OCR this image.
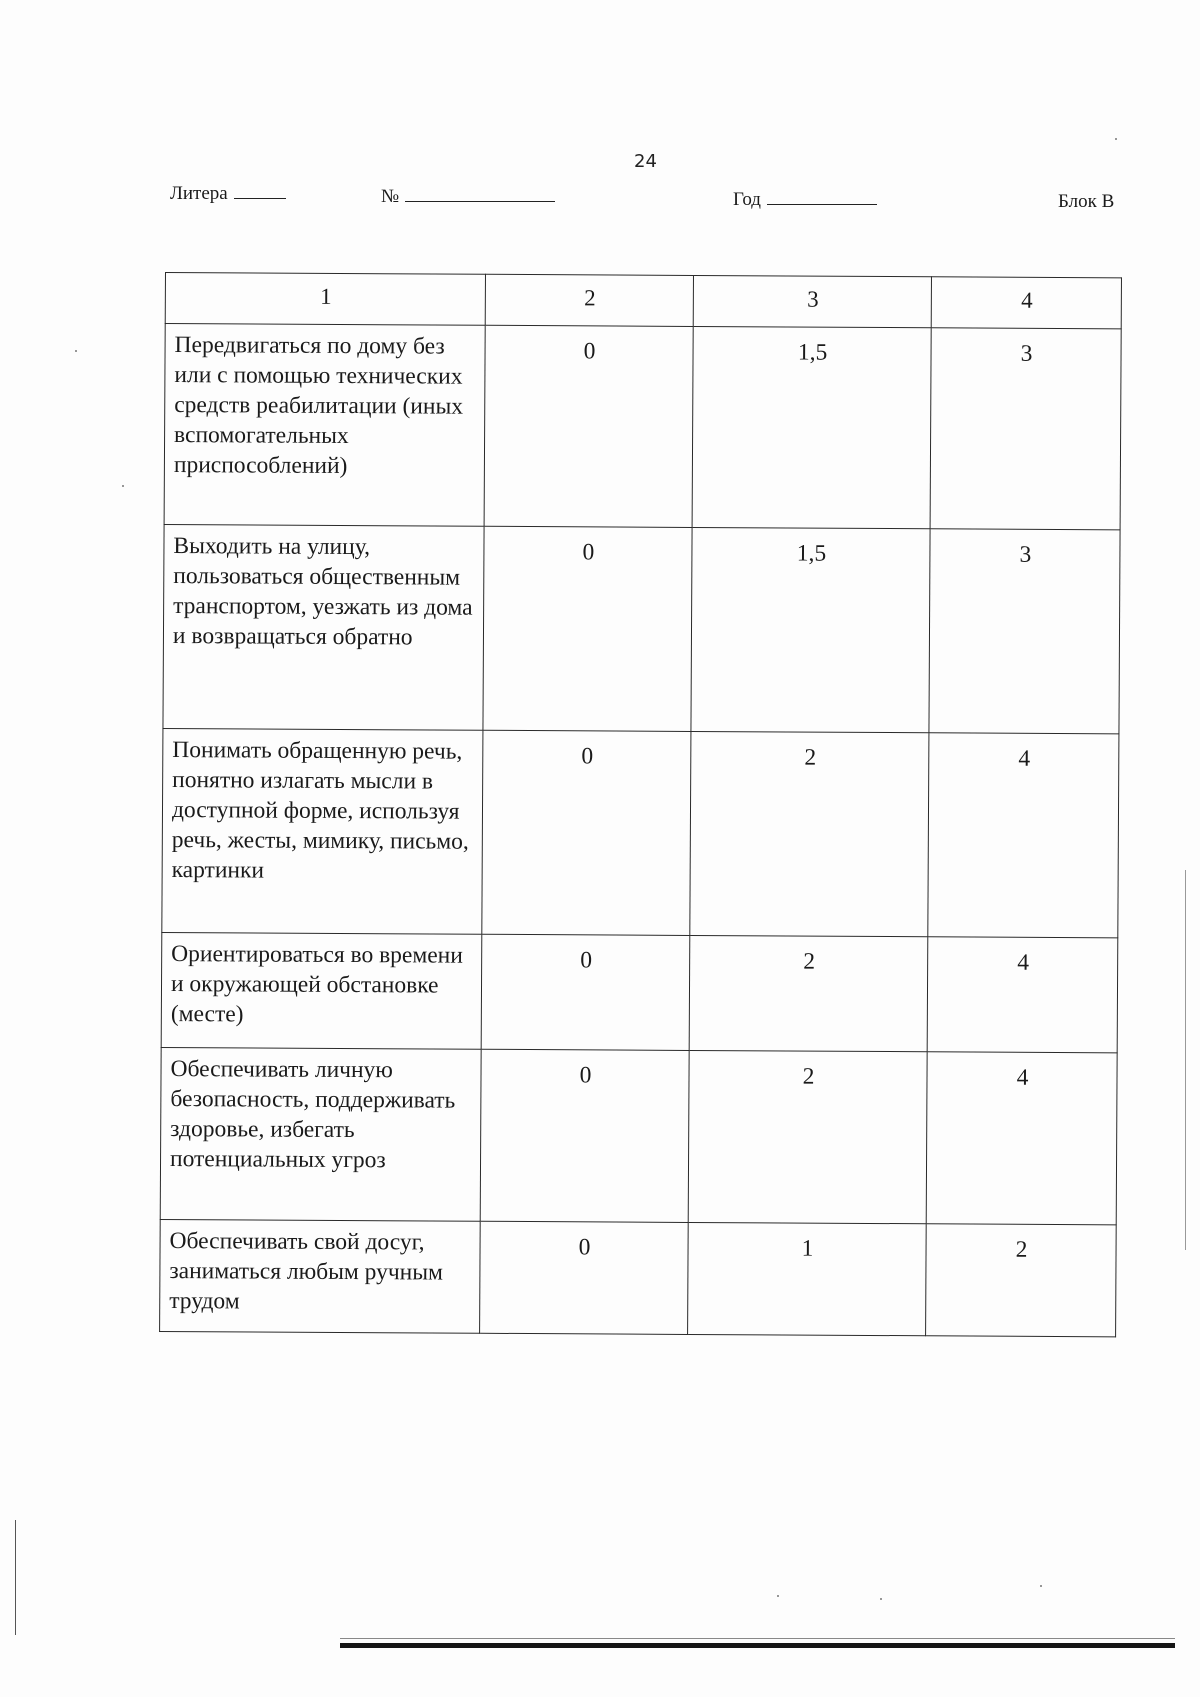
24
Литера	№	Год	Блок В
1	2	3	4
Передвигаться по дому без или с помощью технических средств реабилитации (иных вспомогательных приспособлений)	0	1,5	3
Выходить на улицу, пользоваться общественным транспортом, уезжать из дома и возвращаться обратно	0	1,5	3
Понимать обращенную речь, понятно излагать мысли в доступной форме, используя речь, жесты, мимику, письмо, картинки	0	2	4
Ориентироваться во времени и окружающей обстановке (месте)	0	2	4
Обеспечивать личную безопасность, поддерживать здоровье, избегать потенциальных угроз	0	2	4
Обеспечивать свой досуг, заниматься любым ручным трудом	0	1	2
